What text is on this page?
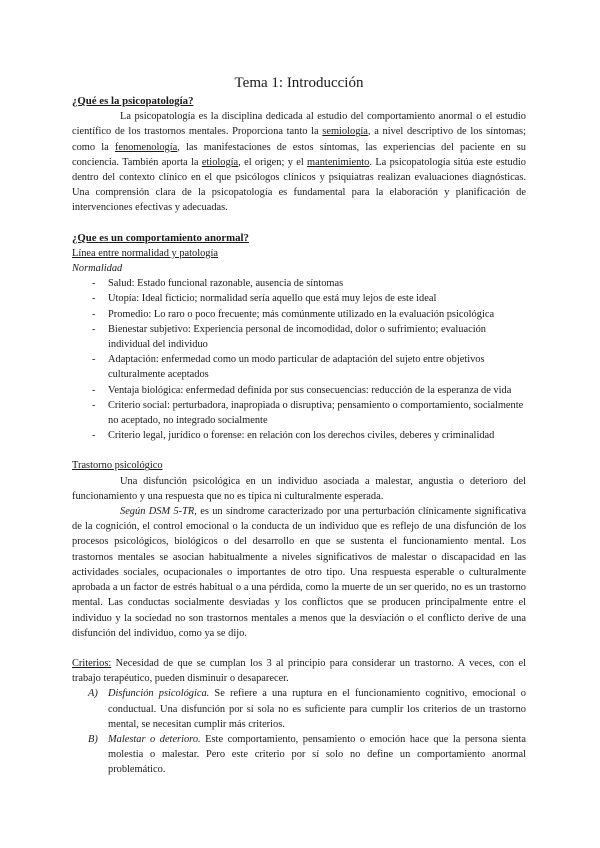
Tema 1: Introducción
¿Qué es la psicopatología?

La psicopatología es la disciplina dedicada al estudio del comportamiento anormal o el estudio científico de los trastornos mentales. Proporciona tanto la semiología, a nivel descriptivo de los síntomas; como la fenomenología, las manifestaciones de estos síntomas, las experiencias del paciente en su conciencia. También aporta la etiología, el origen; y el mantenimiento. La psicopatología sitúa este estudio dentro del contexto clínico en el que psicólogos clínicos y psiquiatras realizan evaluaciones diagnósticas. Una comprensión clara de la psicopatología es fundamental para la elaboración y planificación de intervenciones efectivas y adecuadas.

¿Que es un comportamiento anormal?
Línea entre normalidad y patología
Normalidad
- Salud: Estado funcional razonable, ausencia de síntomas
- Utopía: Ideal ficticio; normalidad sería aquello que está muy lejos de este ideal
- Promedio: Lo raro o poco frecuente; más comúnmente utilizado en la evaluación psicológica
- Bienestar subjetivo: Experiencia personal de incomodidad, dolor o sufrimiento; evaluación individual del individuo
- Adaptación: enfermedad como un modo particular de adaptación del sujeto entre objetivos culturalmente aceptados
- Ventaja biológica: enfermedad definida por sus consecuencias: reducción de la esperanza de vida
- Criterio social: perturbadora, inapropiada o disruptiva; pensamiento o comportamiento, socialmente no aceptado, no integrado socialmente
- Criterio legal, jurídico o forense: en relación con los derechos civiles, deberes y criminalidad
Trastorno psicológico

Una disfunción psicológica en un individuo asociada a malestar, angustia o deterioro del funcionamiento y una respuesta que no es típica ni culturalmente esperada.

Según DSM 5-TR, es un síndrome caracterizado por una perturbación clínicamente significativa de la cognición, el control emocional o la conducta de un individuo que es reflejo de una disfunción de los procesos psicológicos, biológicos o del desarrollo en que se sustenta el funcionamiento mental. Los trastornos mentales se asocian habitualmente a niveles significativos de malestar o discapacidad en las actividades sociales, ocupacionales o importantes de otro tipo. Una respuesta esperable o culturalmente aprobada a un factor de estrés habitual o a una pérdida, como la muerte de un ser querido, no es un trastorno mental. Las conductas socialmente desviadas y los conflictos que se producen principalmente entre el individuo y la sociedad no son trastornos mentales a menos que la desviación o el conflicto derive de una disfunción del individuo, como ya se dijo.

Criterios: Necesidad de que se cumplan los 3 al principio para considerar un trastorno. A veces, con el trabajo terapéutico, pueden disminuir o desaparecer.

A) Disfunción psicológica. Se refiere a una ruptura en el funcionamiento cognitivo, emocional o conductual. Una disfunción por sí sola no es suficiente para cumplir los criterios de un trastorno mental, se necesitan cumplir más criterios.
B) Malestar o deterioro. Este comportamiento, pensamiento o emoción hace que la persona sienta molestia o malestar. Pero este criterio por sí solo no define un comportamiento anormal problemático.
